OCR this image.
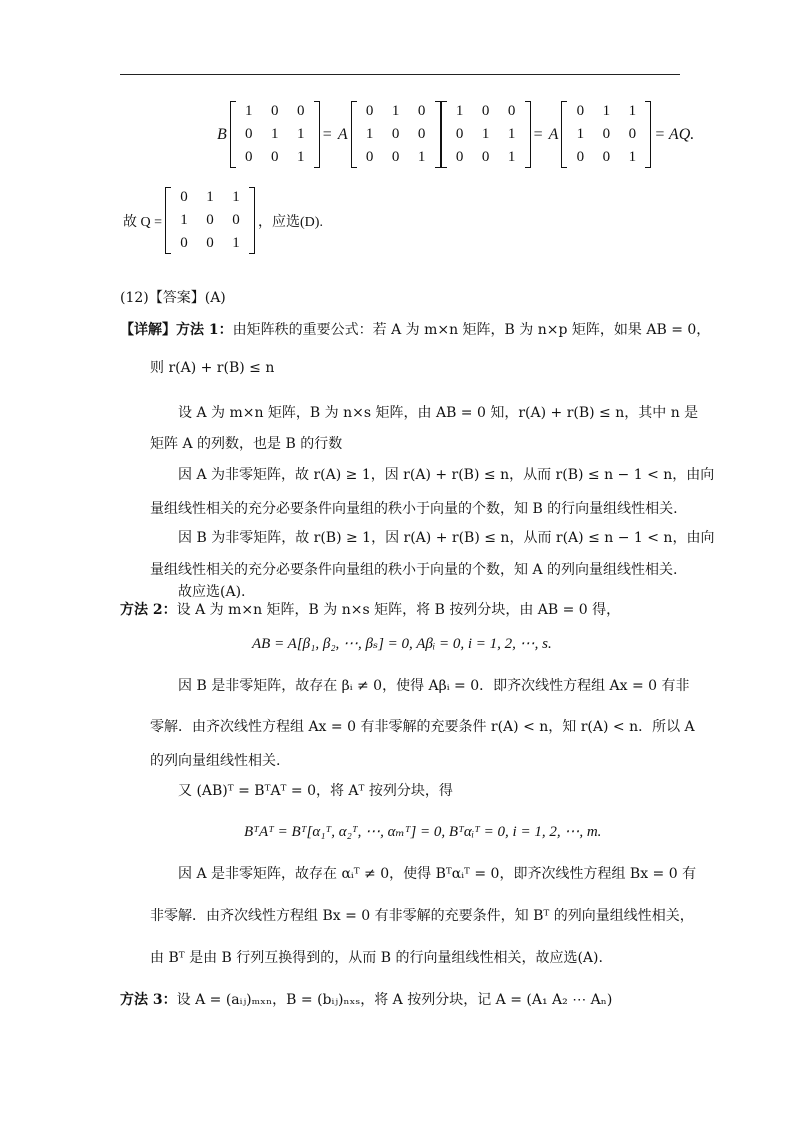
B
1	0	0
0	1	1
0	0	1
= A
0	1	0
1	0	0
0	0	1
1	0	0
0	1	1
0	0	1
= A
0	1	1
1	0	0
0	0	1
= AQ.
故 Q =
0	1	1
1	0	0
0	0	1
，应选(D).
(12)【答案】(A)
【详解】方法 1：由矩阵秩的重要公式：若 A 为 m×n 矩阵，B 为 n×p 矩阵，如果 AB = 0，
则 r(A) + r(B) ≤ n
设 A 为 m×n 矩阵，B 为 n×s 矩阵，由 AB = 0 知，r(A) + r(B) ≤ n，其中 n 是
矩阵 A 的列数，也是 B 的行数
因 A 为非零矩阵，故 r(A) ≥ 1，因 r(A) + r(B) ≤ n，从而 r(B) ≤ n − 1 < n，由向
量组线性相关的充分必要条件向量组的秩小于向量的个数，知 B 的行向量组线性相关.
因 B 为非零矩阵，故 r(B) ≥ 1，因 r(A) + r(B) ≤ n，从而 r(A) ≤ n − 1 < n，由向
量组线性相关的充分必要条件向量组的秩小于向量的个数，知 A 的列向量组线性相关.
故应选(A).
方法 2：设 A 为 m×n 矩阵，B 为 n×s 矩阵，将 B 按列分块，由 AB = 0 得，
AB = A[β₁, β₂, ⋯, βₛ] = 0, Aβᵢ = 0, i = 1, 2, ⋯, s.
因 B 是非零矩阵，故存在 βᵢ ≠ 0，使得 Aβᵢ = 0．即齐次线性方程组 Ax = 0 有非
零解．由齐次线性方程组 Ax = 0 有非零解的充要条件 r(A) < n，知 r(A) < n．所以 A
的列向量组线性相关.
又 (AB)ᵀ = BᵀAᵀ = 0，将 Aᵀ 按列分块，得
BᵀAᵀ = Bᵀ[α₁ᵀ, α₂ᵀ, ⋯, αₘᵀ] = 0, Bᵀαᵢᵀ = 0, i = 1, 2, ⋯, m.
因 A 是非零矩阵，故存在 αᵢᵀ ≠ 0，使得 Bᵀαᵢᵀ = 0，即齐次线性方程组 Bx = 0 有
非零解．由齐次线性方程组 Bx = 0 有非零解的充要条件，知 Bᵀ 的列向量组线性相关，
由 Bᵀ 是由 B 行列互换得到的，从而 B 的行向量组线性相关，故应选(A).
方法 3：设 A = (aᵢⱼ)ₘₓₙ，B = (bᵢⱼ)ₙₓₛ，将 A 按列分块，记 A = (A₁ A₂ ⋯ Aₙ)
